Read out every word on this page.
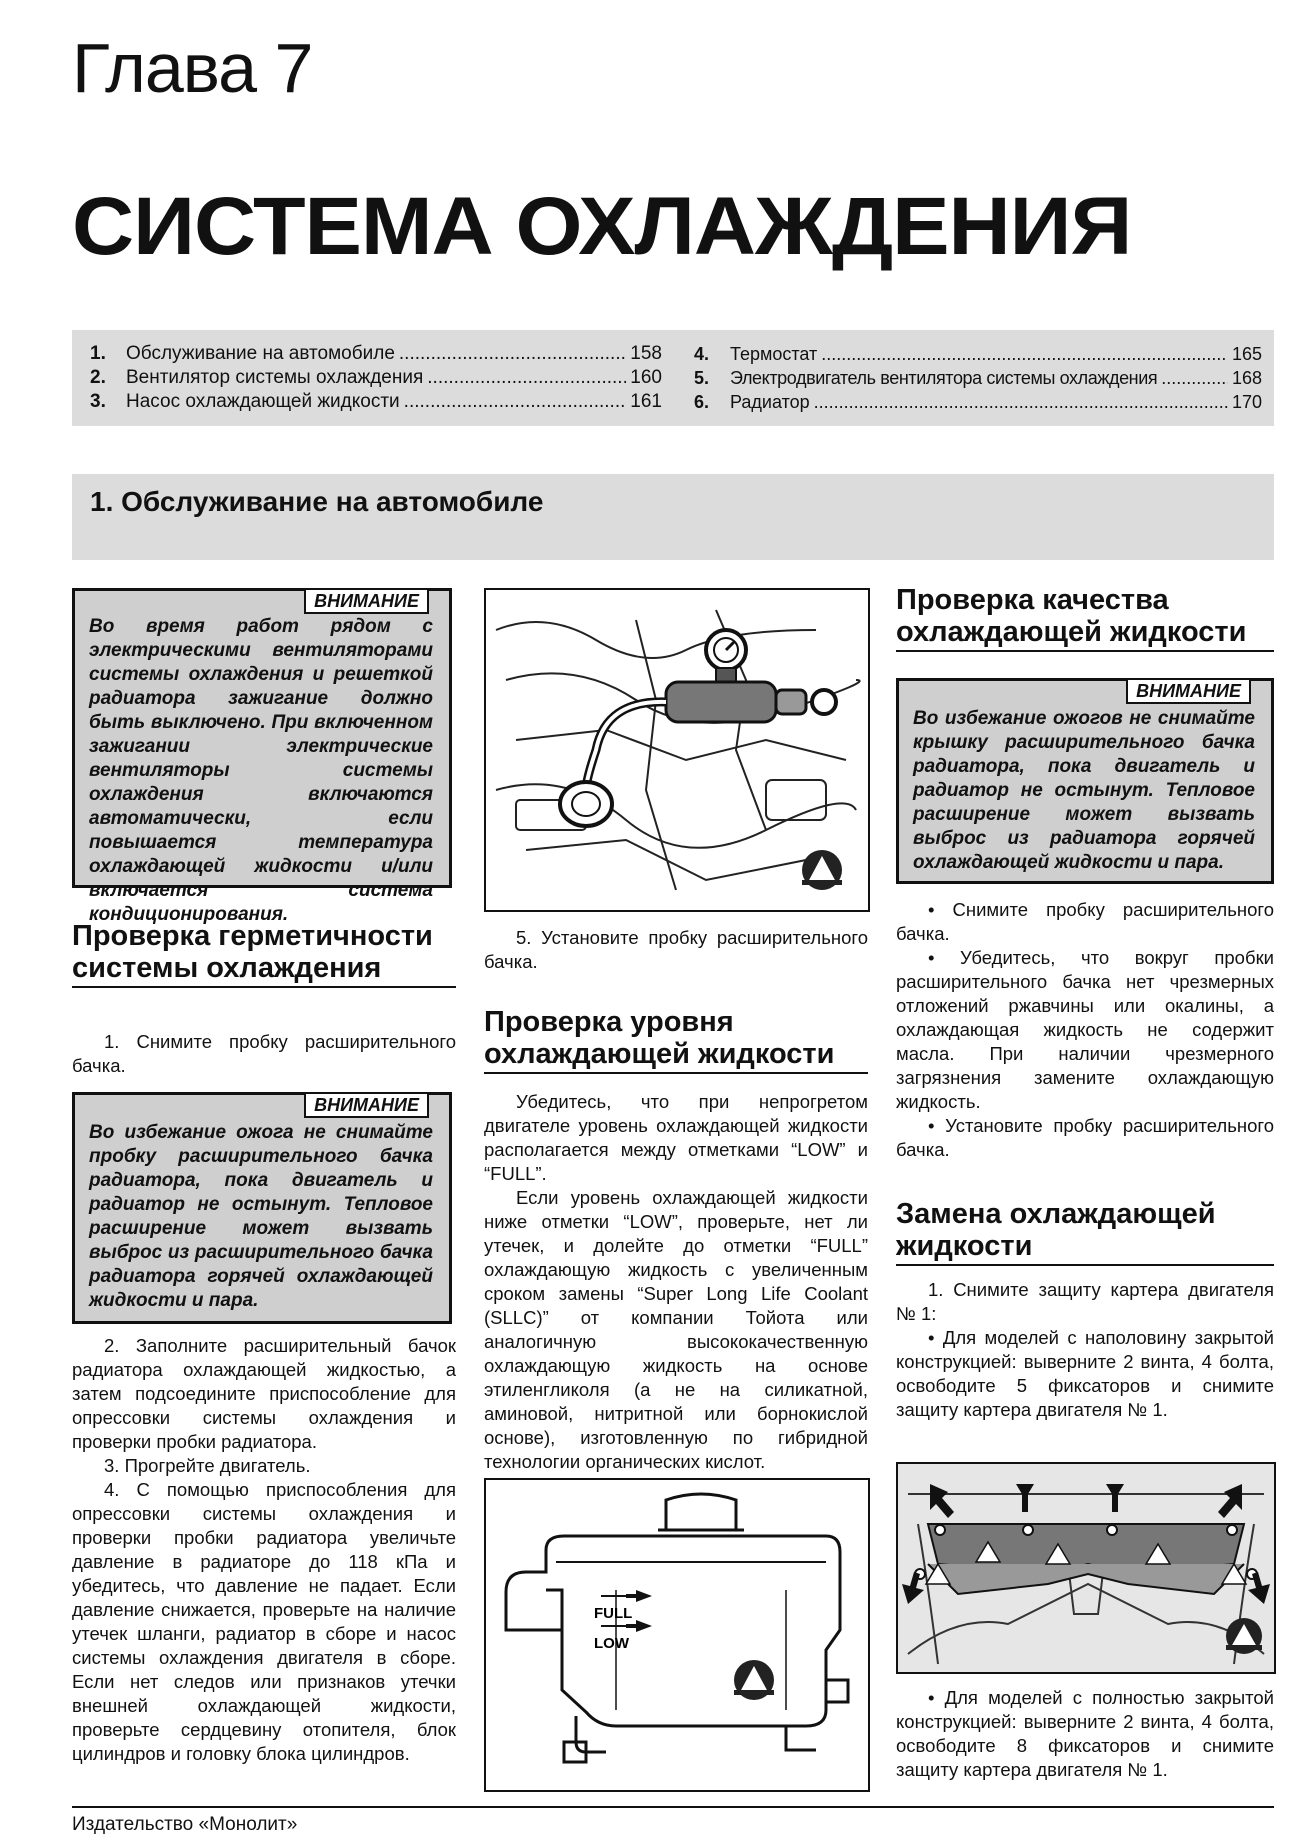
Глава 7
СИСТЕМА ОХЛАЖДЕНИЯ
1.	Обслуживание на автомобиле .....	158
2.	Вентилятор системы охлаждения .....	160
3.	Насос охлаждающей жидкости .....	161
4.	Термостат .....	165
5.	Электродвигатель вентилятора системы охлаждения .....	168
6.	Радиатор .....	170
1. Обслуживание на автомобиле
ВНИМАНИЕ
Во время работ рядом с электрическими вентиляторами системы охлаждения и решеткой радиатора зажигание должно быть выключено. При включенном зажигании электрические вентиляторы системы охлаждения включаются автоматически, если повышается температура охлаждающей жидкости и/или включается система кондиционирования.
Проверка герметичности системы охлаждения

1. Снимите пробку расширительного бачка.

ВНИМАНИЕ
Во избежание ожога не снимайте пробку расширительного бачка радиатора, пока двигатель и радиатор не остынут. Тепловое расширение может вызвать выброс из расширительного бачка радиатора горячей охлаждающей жидкости и пара.

2. Заполните расширительный бачок радиатора охлаждающей жидкостью, а затем подсоедините приспособление для опрессовки системы охлаждения и проверки пробки радиатора.

3. Прогрейте двигатель.

4. С помощью приспособления для опрессовки системы охлаждения и проверки пробки радиатора увеличьте давление в радиаторе до 118 кПа и убедитесь, что давление не падает. Если давление снижается, проверьте на наличие утечек шланги, радиатор в сборе и насос системы охлаждения двигателя в сборе. Если нет следов или признаков утечки внешней охлаждающей жидкости, проверьте сердцевину отопителя, блок цилиндров и головку блока цилиндров.

5. Установите пробку расширительного бачка.

Проверка уровня охлаждающей жидкости

Убедитесь, что при непрогретом двигателе уровень охлаждающей жидкости располагается между отметками “LOW” и “FULL”.

Если уровень охлаждающей жидкости ниже отметки “LOW”, проверьте, нет ли утечек, и долейте до отметки “FULL” охлаждающую жидкость с увеличенным сроком замены “Super Long Life Coolant (SLLC)” от компании Тойота или аналогичную высококачественную охлаждающую жидкость на основе этиленгликоля (а не на силикатной, аминовой, нитритной или борнокислой основе), изготовленную по гибридной технологии органических кислот.

FULL
LOW
Проверка качества охлаждающей жидкости
ВНИМАНИЕ
Во избежание ожогов не снимайте крышку расширительного бачка радиатора, пока двигатель и радиатор не остынут. Тепловое расширение может вызвать выброс из радиатора горячей охлаждающей жидкости и пара.

• Снимите пробку расширительного бачка.

• Убедитесь, что вокруг пробки расширительного бачка нет чрезмерных отложений ржавчины или окалины, а охлаждающая жидкость не содержит масла. При наличии чрезмерного загрязнения замените охлаждающую жидкость.

• Установите пробку расширительного бачка.

Замена охлаждающей жидкости

1. Снимите защиту картера двигателя № 1:

• Для моделей с наполовину закрытой конструкцией: выверните 2 винта, 4 болта, освободите 5 фиксаторов и снимите защиту картера двигателя № 1.

• Для моделей с полностью закрытой конструкцией: выверните 2 винта, 4 болта, освободите 8 фиксаторов и снимите защиту картера двигателя № 1.

Издательство «Монолит»
